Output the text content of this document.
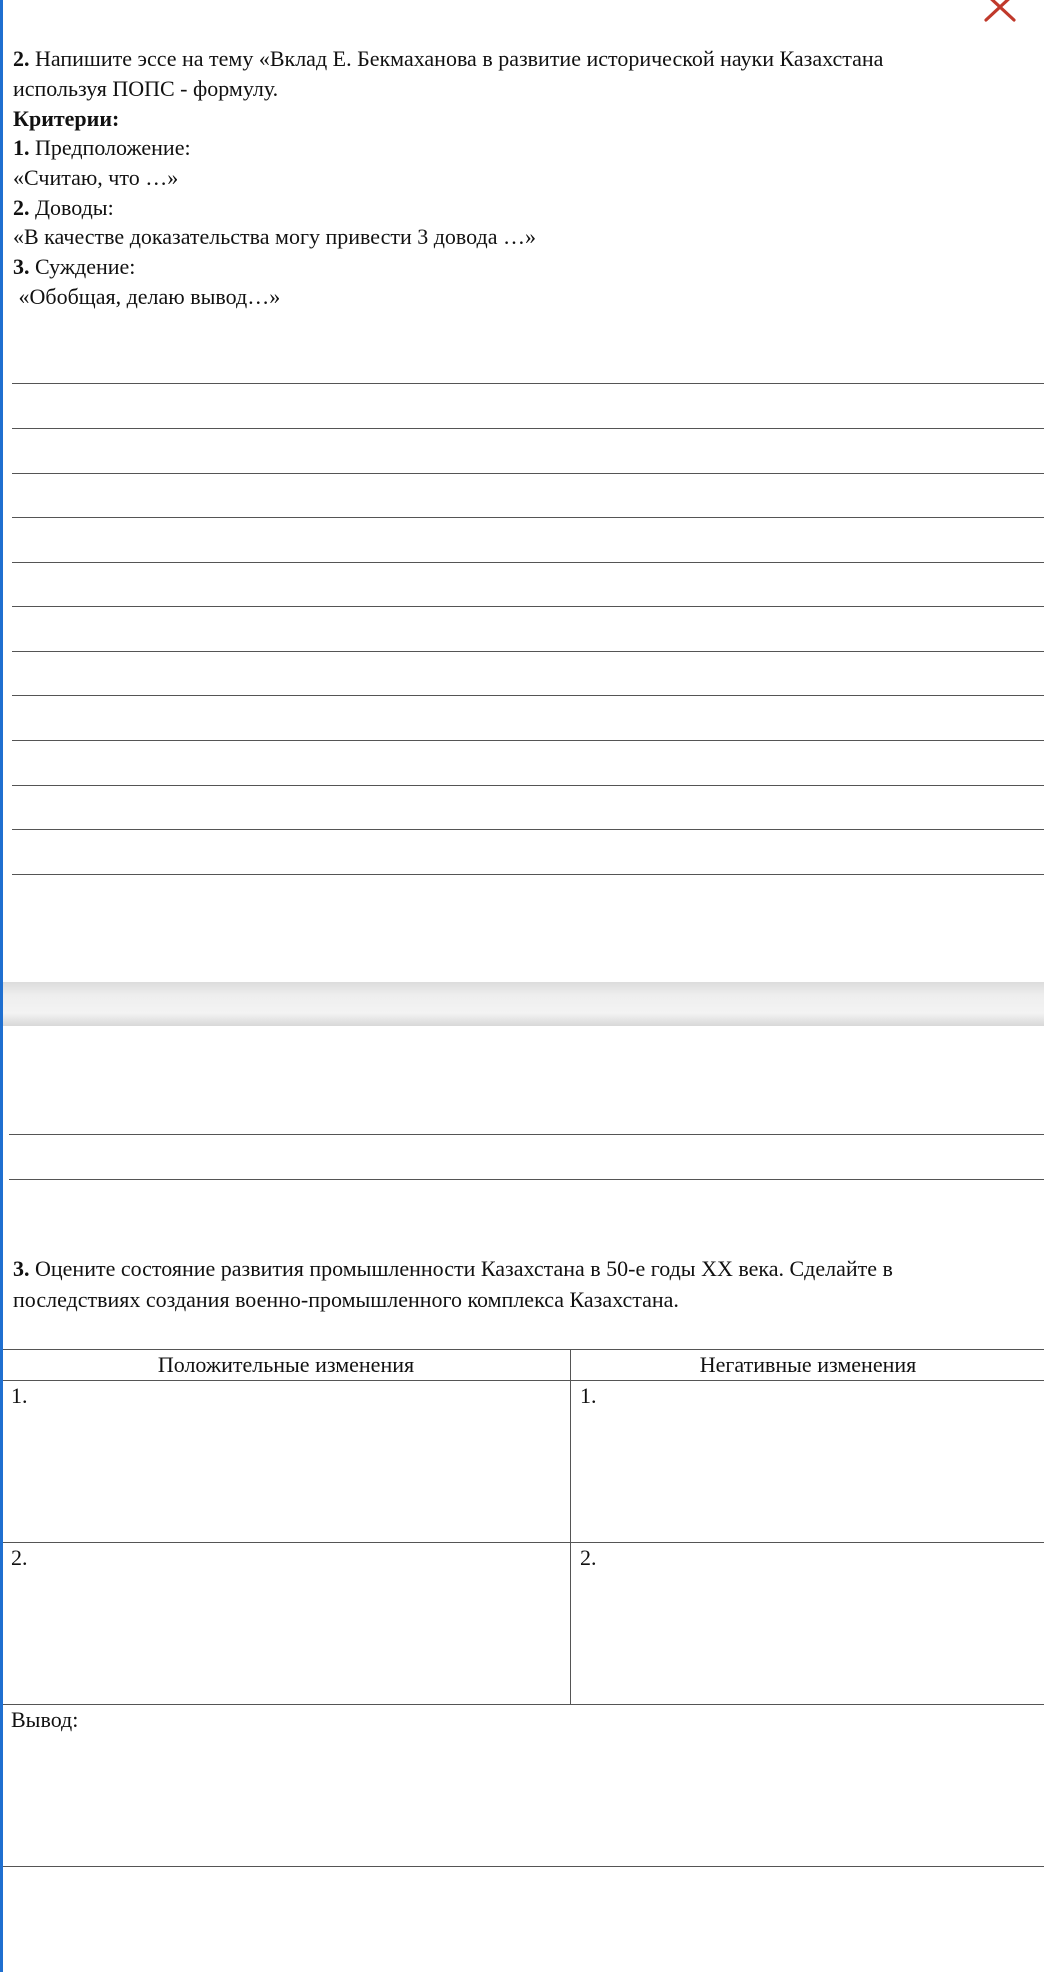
2. Напишите эссе на тему «Вклад Е. Бекмаханова в развитие исторической науки Казахстана
используя ПОПС - формулу.
Критерии:
1. Предположение:
«Считаю, что …»
2. Доводы:
«В качестве доказательства могу привести 3 довода …»
3. Суждение:
«Обобщая, делаю вывод…»
3. Оцените состояние развития промышленности Казахстана в 50-е годы XX века. Сделайте в
последствиях создания военно-промышленного комплекса Казахстана.
Положительные изменения	Негативные изменения
1.	1.
2.	2.
Вывод:	
